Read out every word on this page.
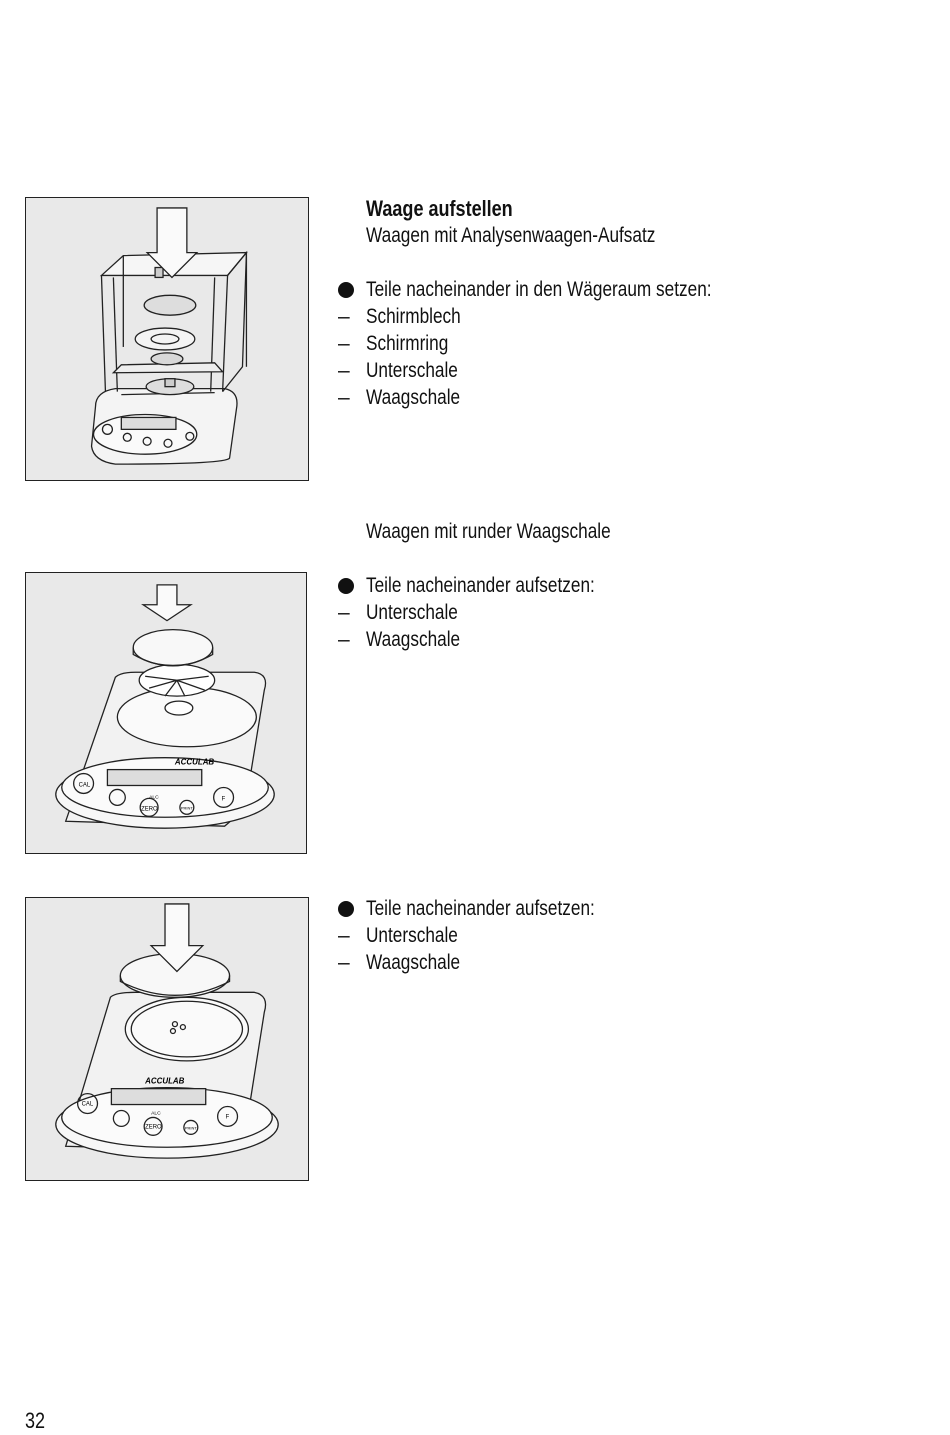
Waage aufstellen
Waagen mit Analysenwaagen-Aufsatz
Teile nacheinander in den Wägeraum setzen:
– Schirmblech
– Schirmring
– Unterschale
– Waagschale
Waagen mit runder Waagschale
CAL
ZERO	PRINT
F
ALC
ACCULAB
Teile nacheinander aufsetzen:
– Unterschale
– Waagschale
CAL
ZERO	PRINT
F
ALC
ACCULAB
Teile nacheinander aufsetzen:
– Unterschale
– Waagschale
32
